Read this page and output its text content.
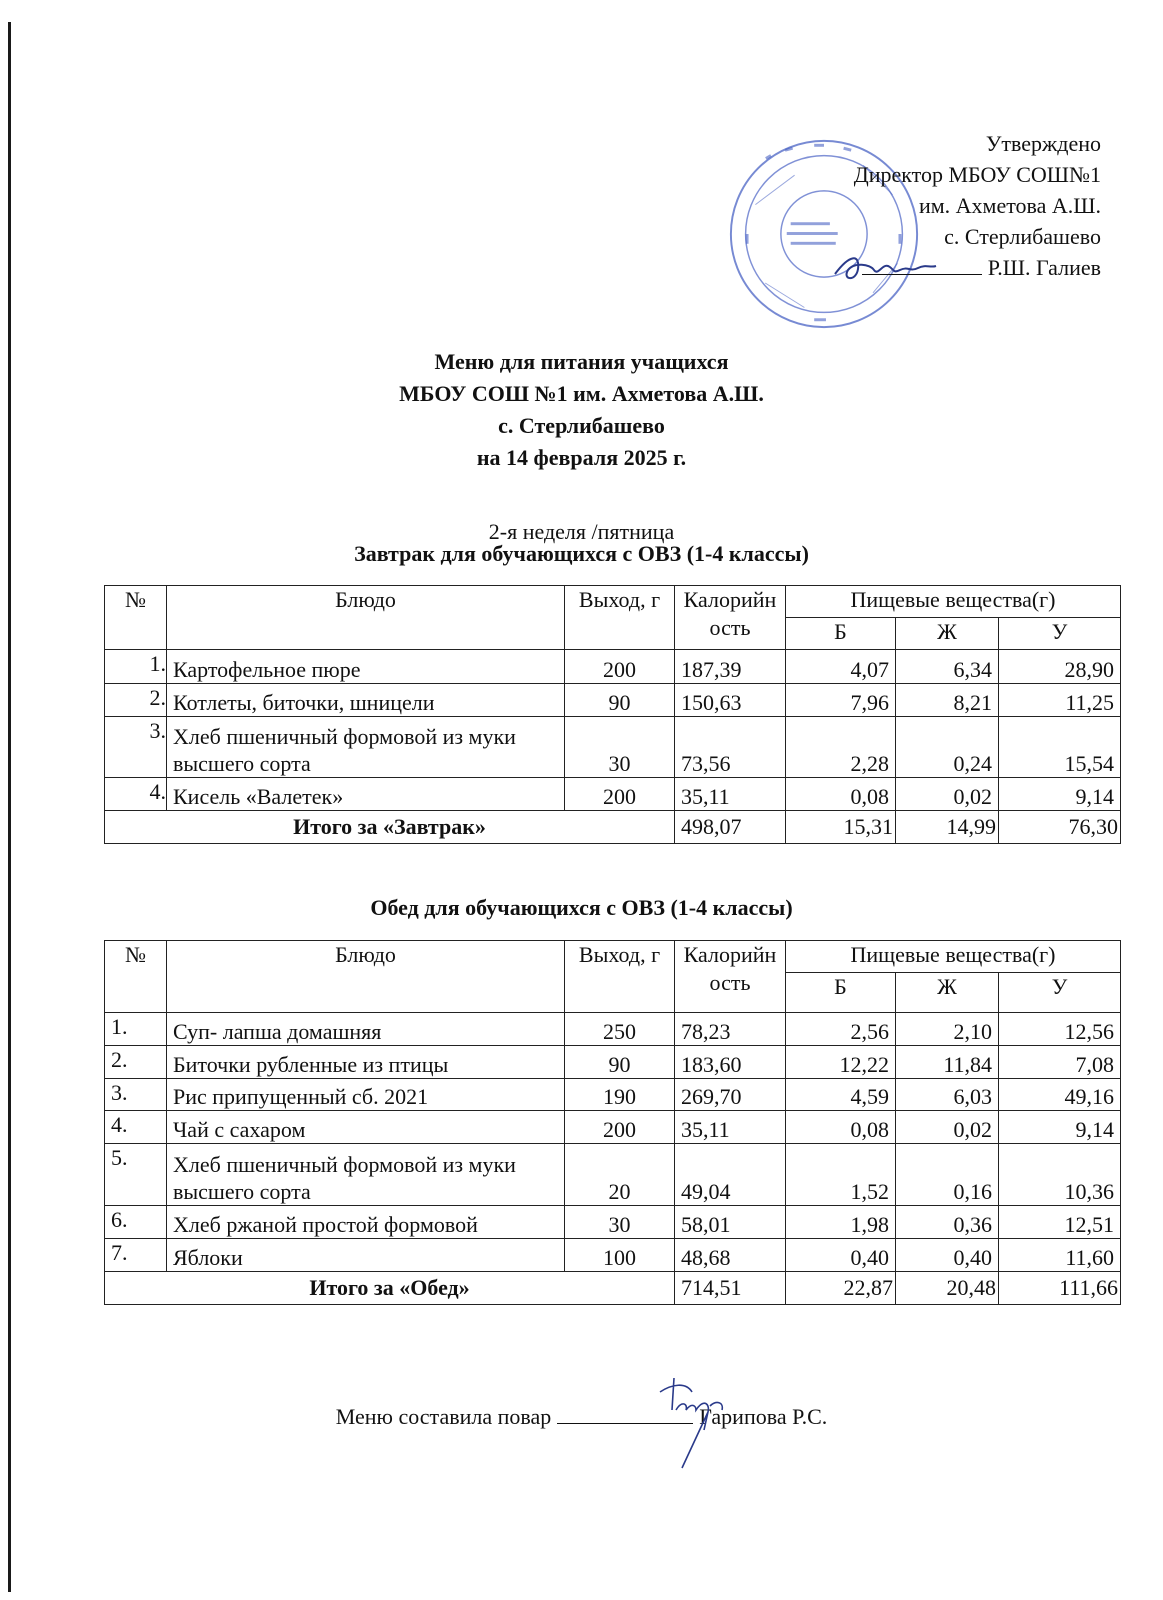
Утверждено
Директор МБОУ СОШ№1
им. Ахметова А.Ш.
с. Стерлибашево
Р.Ш. Галиев
Меню для питания учащихся
МБОУ СОШ №1 им. Ахметова А.Ш.
с. Стерлибашево
на 14 февраля 2025 г.
2-я неделя /пятница
Завтрак для обучающихся с ОВЗ (1-4 классы)
№	Блюдо	Выход, г	Калорийность	Пищевые вещества(г)		
				Б	Ж	У
1.	Картофельное пюре	200	187,39	4,07	6,34	28,90
2.	Котлеты, биточки, шницели	90	150,63	7,96	8,21	11,25
3.	Хлеб пшеничный формовой из муки высшего сорта	30	73,56	2,28	0,24	15,54
4.	Кисель «Валетек»	200	35,11	0,08	0,02	9,14
Итого за «Завтрак»			498,07	15,31	14,99	76,30
Обед для обучающихся с ОВЗ (1-4 классы)
№	Блюдо	Выход, г	Калорийность	Пищевые вещества(г)		
				Б	Ж	У
1.	Суп- лапша домашняя	250	78,23	2,56	2,10	12,56
2.	Биточки рубленные из птицы	90	183,60	12,22	11,84	7,08
3.	Рис припущенный сб. 2021	190	269,70	4,59	6,03	49,16
4.	Чай с сахаром	200	35,11	0,08	0,02	9,14
5.	Хлеб пшеничный формовой из муки высшего сорта	20	49,04	1,52	0,16	10,36
6.	Хлеб ржаной простой формовой	30	58,01	1,98	0,36	12,51
7.	Яблоки	100	48,68	0,40	0,40	11,60
Итого за «Обед»			714,51	22,87	20,48	111,66
Меню составила повар	Гарипова Р.С.
